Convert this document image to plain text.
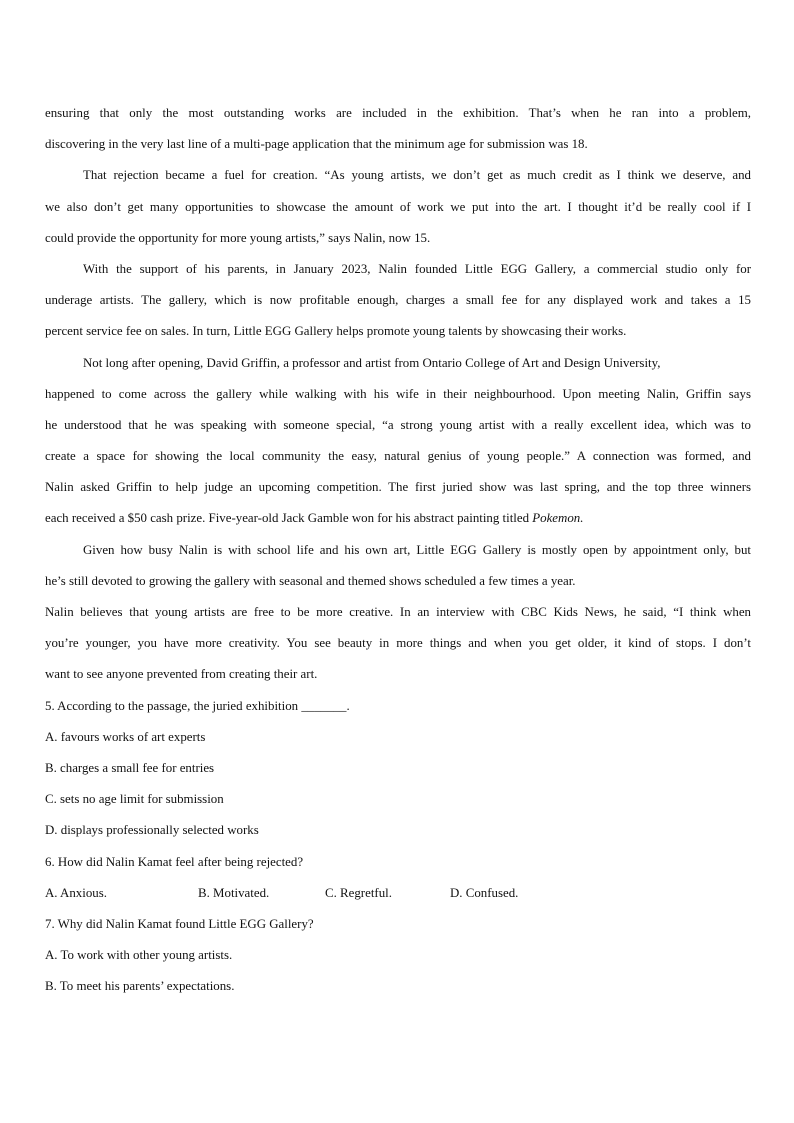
ensuring that only the most outstanding works are included in the exhibition. That’s when he ran into a problem,
discovering in the very last line of a multi-page application that the minimum age for submission was 18.
That rejection became a fuel for creation. “As young artists, we don’t get as much credit as I think we deserve, and
we also don’t get many opportunities to showcase the amount of work we put into the art. I thought it’d be really cool if I
could provide the opportunity for more young artists,” says Nalin, now 15.
With the support of his parents, in January 2023, Nalin founded Little EGG Gallery, a commercial studio only for
underage artists. The gallery, which is now profitable enough, charges a small fee for any displayed work and takes a 15
percent service fee on sales. In turn, Little EGG Gallery helps promote young talents by showcasing their works.
Not long after opening, David Griffin, a professor and artist from Ontario College of Art and Design University,
happened to come across the gallery while walking with his wife in their neighbourhood. Upon meeting Nalin, Griffin says
he understood that he was speaking with someone special, “a strong young artist with a really excellent idea, which was to
create a space for showing the local community the easy, natural genius of young people.” A connection was formed, and
Nalin asked Griffin to help judge an upcoming competition. The first juried show was last spring, and the top three winners
each received a $50 cash prize. Five-year-old Jack Gamble won for his abstract painting titled Pokemon.
Given how busy Nalin is with school life and his own art, Little EGG Gallery is mostly open by appointment only, but
he’s still devoted to growing the gallery with seasonal and themed shows scheduled a few times a year.
Nalin believes that young artists are free to be more creative. In an interview with CBC Kids News, he said, “I think when
you’re younger, you have more creativity. You see beauty in more things and when you get older, it kind of stops. I don’t
want to see anyone prevented from creating their art.
5. According to the passage, the juried exhibition _______.
A. favours works of art experts
B. charges a small fee for entries
C. sets no age limit for submission
D. displays professionally selected works
6. How did Nalin Kamat feel after being rejected?
A. Anxious.	B. Motivated.	C. Regretful.	D. Confused.
7. Why did Nalin Kamat found Little EGG Gallery?
A. To work with other young artists.
B. To meet his parents’ expectations.
